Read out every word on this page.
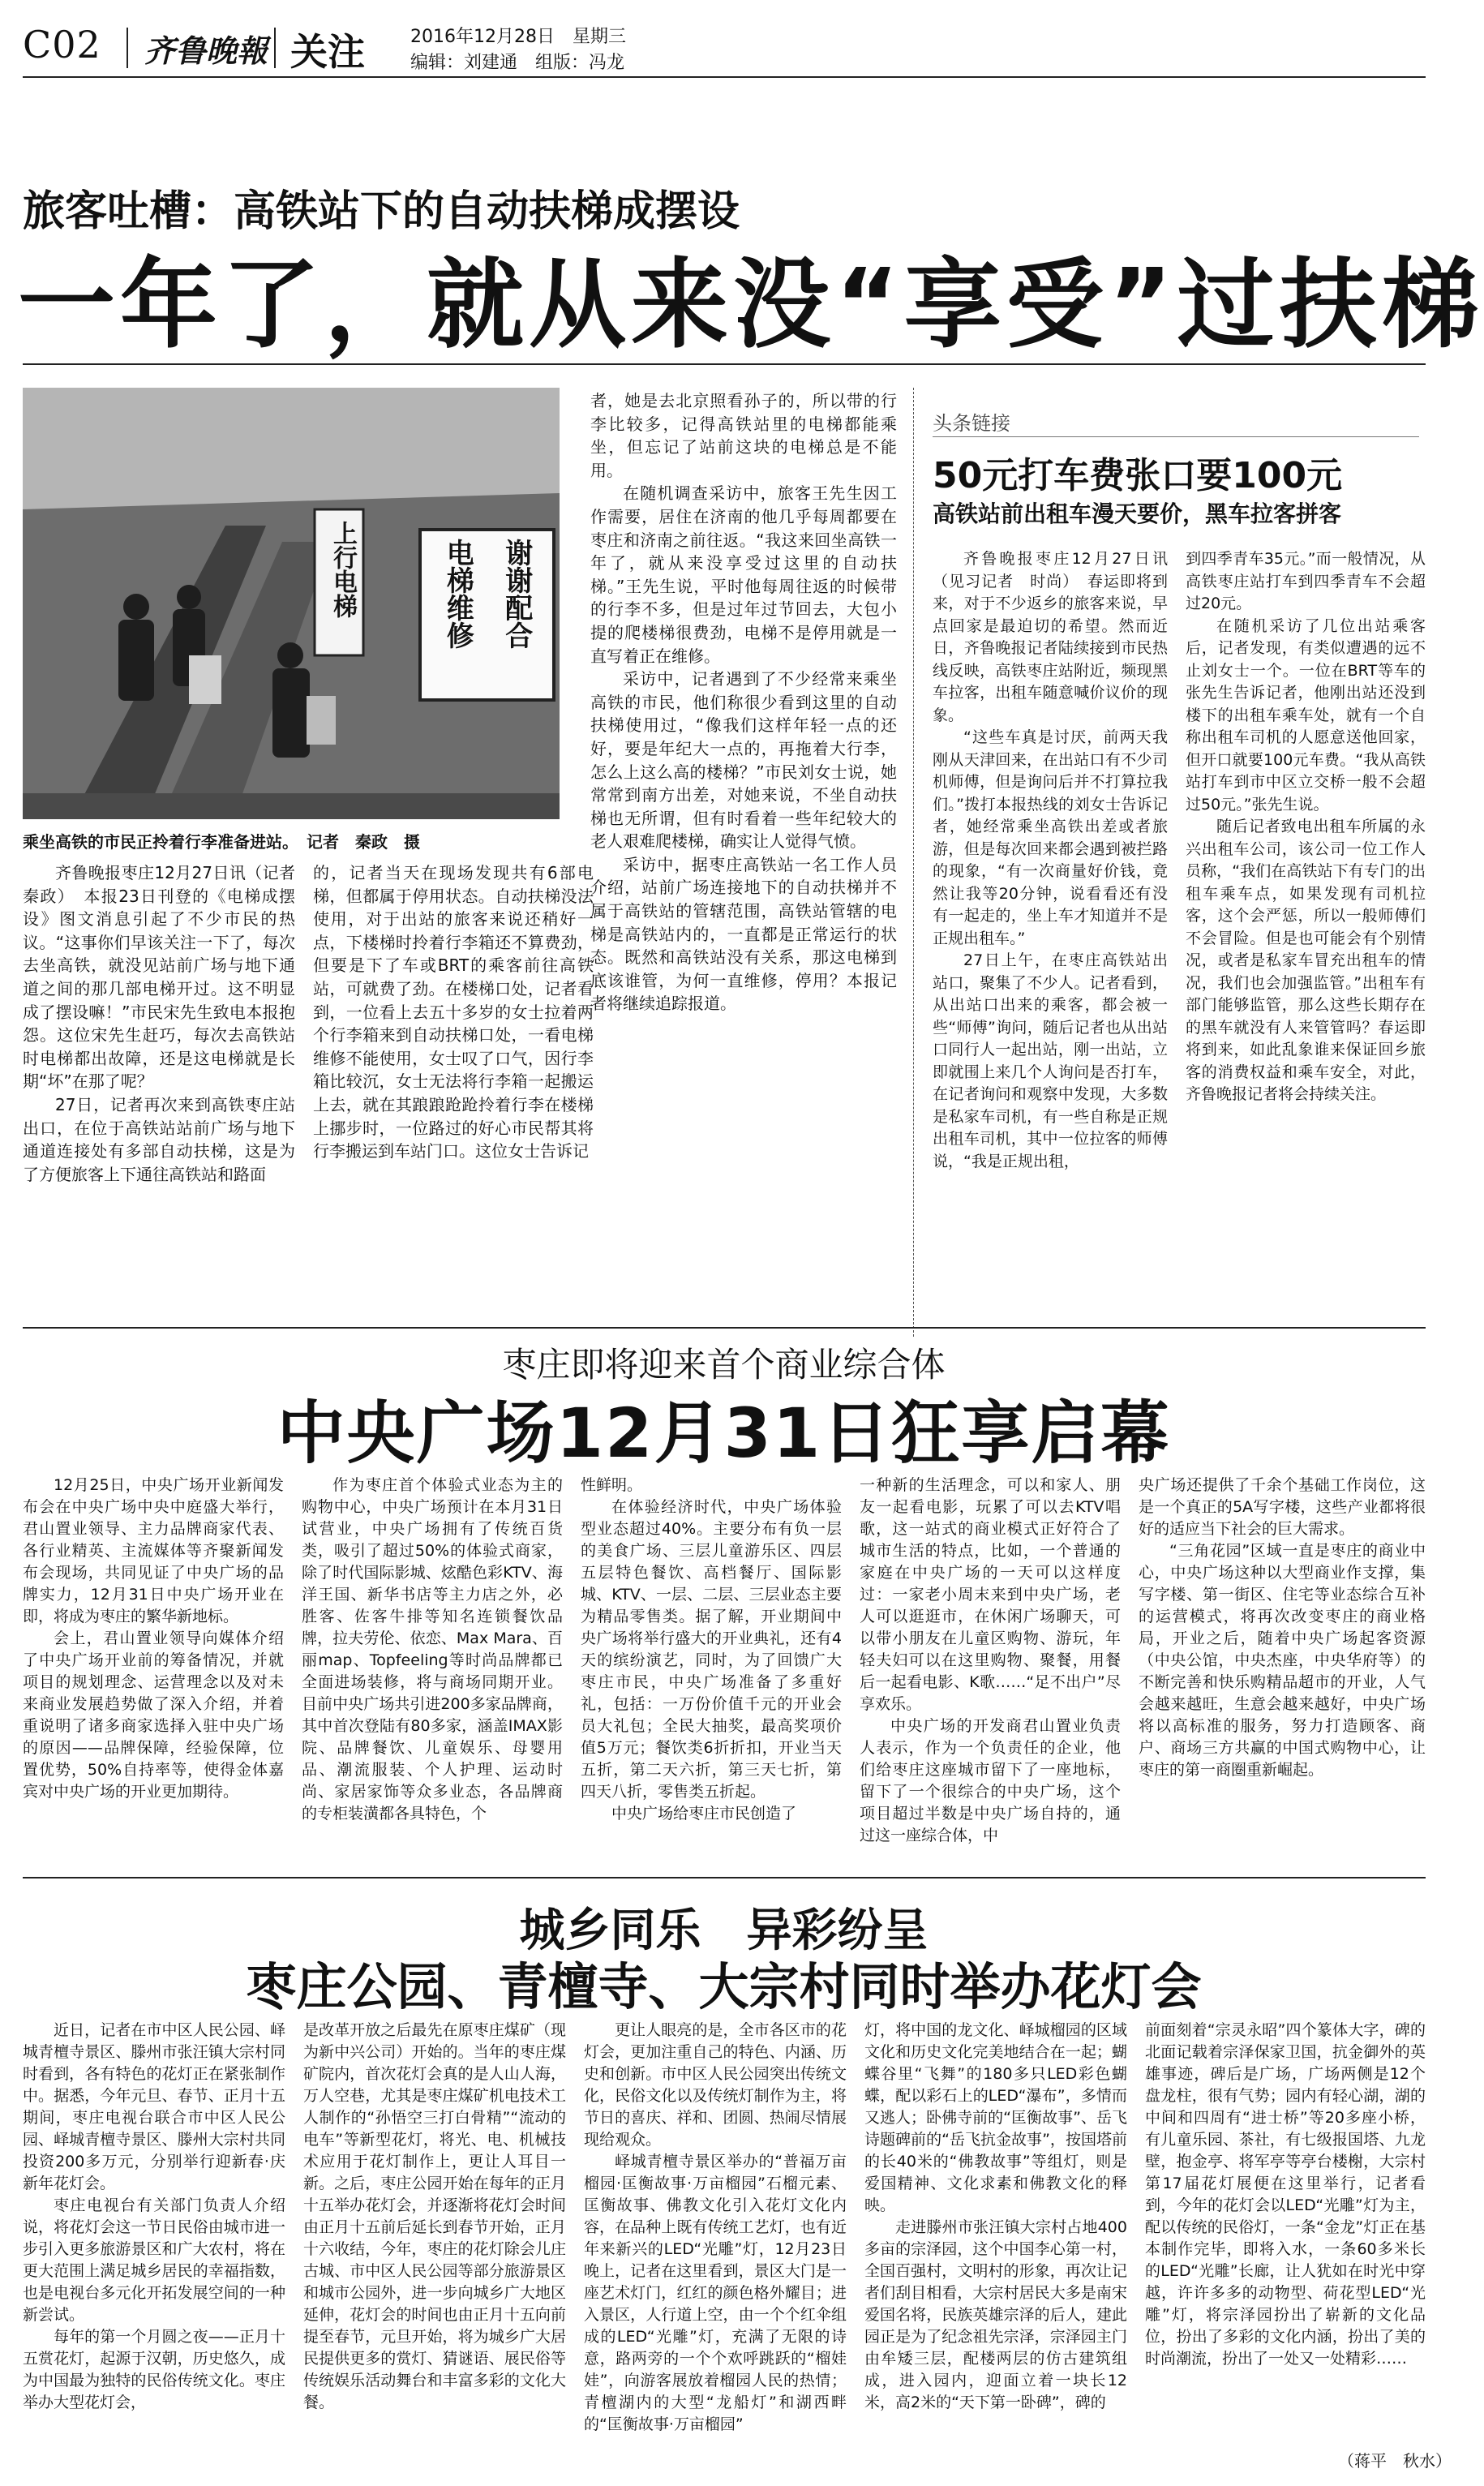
C02 齐鲁晚報 关注	2016年12月28日　星期三
编辑：刘建通　组版：冯龙
旅客吐槽：高铁站下的自动扶梯成摆设
一年了，就从来没“享受”过扶梯
上行电梯	谢谢配合
电梯维修
乘坐高铁的市民正拎着行李准备进站。　记者　秦政　摄

齐鲁晚报枣庄12月27日讯（记者　秦政）　本报23日刊登的《电梯成摆设》图文消息引起了不少市民的热议。“这事你们早该关注一下了，每次去坐高铁，就没见站前广场与地下通道之间的那几部电梯开过。这不明显成了摆设嘛！”市民宋先生致电本报抱怨。这位宋先生赶巧，每次去高铁站时电梯都出故障，还是这电梯就是长期“坏”在那了呢？

27日，记者再次来到高铁枣庄站出口，在位于高铁站站前广场与地下通道连接处有多部自动扶梯，这是为了方便旅客上下通往高铁站和路面

的，记者当天在现场发现共有6部电梯，但都属于停用状态。自动扶梯没法使用，对于出站的旅客来说还稍好一点，下楼梯时拎着行李箱还不算费劲，但要是下了车或BRT的乘客前往高铁站，可就费了劲。在楼梯口处，记者看到，一位看上去五十多岁的女士拉着两个行李箱来到自动扶梯口处，一看电梯维修不能使用，女士叹了口气，因行李箱比较沉，女士无法将行李箱一起搬运上去，就在其踉踉跄跄拎着行李在楼梯上挪步时，一位路过的好心市民帮其将行李搬运到车站门口。这位女士告诉记

者，她是去北京照看孙子的，所以带的行李比较多，记得高铁站里的电梯都能乘坐，但忘记了站前这块的电梯总是不能用。

在随机调查采访中，旅客王先生因工作需要，居住在济南的他几乎每周都要在枣庄和济南之前往返。“我这来回坐高铁一年了，就从来没享受过这里的自动扶梯。”王先生说，平时他每周往返的时候带的行李不多，但是过年过节回去，大包小提的爬楼梯很费劲，电梯不是停用就是一直写着正在维修。

采访中，记者遇到了不少经常来乘坐高铁的市民，他们称很少看到这里的自动扶梯使用过，“像我们这样年轻一点的还好，要是年纪大一点的，再拖着大行李，怎么上这么高的楼梯？”市民刘女士说，她常常到南方出差，对她来说，不坐自动扶梯也无所谓，但有时看着一些年纪较大的老人艰难爬楼梯，确实让人觉得气愤。

采访中，据枣庄高铁站一名工作人员介绍，站前广场连接地下的自动扶梯并不属于高铁站的管辖范围，高铁站管辖的电梯是高铁站内的，一直都是正常运行的状态。既然和高铁站没有关系，那这电梯到底该谁管，为何一直维修，停用？本报记者将继续追踪报道。

头条链接
50元打车费张口要100元
高铁站前出租车漫天要价，黑车拉客拼客

齐鲁晚报枣庄12月27日讯（见习记者　时尚）　春运即将到来，对于不少返乡的旅客来说，早点回家是最迫切的希望。然而近日，齐鲁晚报记者陆续接到市民热线反映，高铁枣庄站附近，频现黑车拉客，出租车随意喊价议价的现象。

“这些车真是讨厌，前两天我刚从天津回来，在出站口有不少司机师傅，但是询问后并不打算拉我们。”拨打本报热线的刘女士告诉记者，她经常乘坐高铁出差或者旅游，但是每次回来都会遇到被拦路的现象，“有一次商量好价钱，竟然让我等20分钟，说看看还有没有一起走的，坐上车才知道并不是正规出租车。”

27日上午，在枣庄高铁站出站口，聚集了不少人。记者看到，从出站口出来的乘客，都会被一些“师傅”询问，随后记者也从出站口同行人一起出站，刚一出站，立即就围上来几个人询问是否打车，在记者询问和观察中发现，大多数是私家车司机，有一些自称是正规出租车司机，其中一位拉客的师傅说，“我是正规出租，

到四季青车35元。”而一般情况，从高铁枣庄站打车到四季青车不会超过20元。

在随机采访了几位出站乘客后，记者发现，有类似遭遇的远不止刘女士一个。一位在BRT等车的张先生告诉记者，他刚出站还没到楼下的出租车乘车处，就有一个自称出租车司机的人愿意送他回家，但开口就要100元车费。“我从高铁站打车到市中区立交桥一般不会超过50元。”张先生说。

随后记者致电出租车所属的永兴出租车公司，该公司一位工作人员称，“我们在高铁站下有专门的出租车乘车点，如果发现有司机拉客，这个会严惩，所以一般师傅们不会冒险。但是也可能会有个别情况，或者是私家车冒充出租车的情况，我们也会加强监管。”出租车有部门能够监管，那么这些长期存在的黑车就没有人来管管吗？春运即将到来，如此乱象谁来保证回乡旅客的消费权益和乘车安全，对此，齐鲁晚报记者将会持续关注。

枣庄即将迎来首个商业综合体
中央广场12月31日狂享启幕

12月25日，中央广场开业新闻发布会在中央广场中央中庭盛大举行，君山置业领导、主力品牌商家代表、各行业精英、主流媒体等齐聚新闻发布会现场，共同见证了中央广场的品牌实力，12月31日中央广场开业在即，将成为枣庄的繁华新地标。

会上，君山置业领导向媒体介绍了中央广场开业前的筹备情况，并就项目的规划理念、运营理念以及对未来商业发展趋势做了深入介绍，并着重说明了诸多商家选择入驻中央广场的原因——品牌保障，经验保障，位置优势，50%自持率等，使得金体嘉宾对中央广场的开业更加期待。

作为枣庄首个体验式业态为主的购物中心，中央广场预计在本月31日试营业，中央广场拥有了传统百货类，吸引了超过50%的体验式商家，除了时代国际影城、炫酷色彩KTV、海洋王国、新华书店等主力店之外，必胜客、佐客牛排等知名连锁餐饮品牌，拉夫劳伦、依恋、Max Mara、百丽map、Topfeeling等时尚品牌都已全面进场装修，将与商场同期开业。目前中央广场共引进200多家品牌商，其中首次登陆有80多家，涵盖IMAX影院、品牌餐饮、儿童娱乐、母婴用品、潮流服装、个人护理、运动时尚、家居家饰等众多业态，各品牌商的专柜装潢都各具特色，个

性鲜明。

在体验经济时代，中央广场体验型业态超过40%。主要分布有负一层的美食广场、三层儿童游乐区、四层五层特色餐饮、高档餐厅、国际影城、KTV、一层、二层、三层业态主要为精品零售类。据了解，开业期间中央广场将举行盛大的开业典礼，还有4天的缤纷演艺，同时，为了回馈广大枣庄市民，中央广场准备了多重好礼，包括：一万份价值千元的开业会员大礼包；全民大抽奖，最高奖项价值5万元；餐饮类6折折扣，开业当天五折，第二天六折，第三天七折，第四天八折，零售类五折起。

中央广场给枣庄市民创造了

一种新的生活理念，可以和家人、朋友一起看电影，玩累了可以去KTV唱歌，这一站式的商业模式正好符合了城市生活的特点，比如，一个普通的家庭在中央广场的一天可以这样度过：一家老小周末来到中央广场，老人可以逛逛市，在休闲广场聊天，可以带小朋友在儿童区购物、游玩，年轻夫妇可以在这里购物、聚餐，用餐后一起看电影、K歌……“足不出户”尽享欢乐。

中央广场的开发商君山置业负责人表示，作为一个负责任的企业，他们给枣庄这座城市留下了一座地标，留下了一个很综合的中央广场，这个项目超过半数是中央广场自持的，通过这一座综合体，中

央广场还提供了千余个基础工作岗位，这是一个真正的5A写字楼，这些产业都将很好的适应当下社会的巨大需求。

“三角花园”区域一直是枣庄的商业中心，中央广场这种以大型商业作支撑，集写字楼、第一街区、住宅等业态综合互补的运营模式，将再次改变枣庄的商业格局，开业之后，随着中央广场起客资源（中央公馆，中央杰座，中央华府等）的不断完善和快乐购精品超市的开业，人气会越来越旺，生意会越来越好，中央广场将以高标准的服务，努力打造顾客、商户、商场三方共赢的中国式购物中心，让枣庄的第一商圈重新崛起。

城乡同乐　异彩纷呈
枣庄公园、青檀寺、大宗村同时举办花灯会

近日，记者在市中区人民公园、峄城青檀寺景区、滕州市张汪镇大宗村同时看到，各有特色的花灯正在紧张制作中。据悉，今年元旦、春节、正月十五期间，枣庄电视台联合市中区人民公园、峄城青檀寺景区、滕州大宗村共同投资200多万元，分别举行迎新春·庆新年花灯会。

枣庄电视台有关部门负责人介绍说，将花灯会这一节日民俗由城市进一步引入更多旅游景区和广大农村，将在更大范围上满足城乡居民的幸福指数，也是电视台多元化开拓发展空间的一种新尝试。

每年的第一个月圆之夜——正月十五赏花灯，起源于汉朝，历史悠久，成为中国最为独特的民俗传统文化。枣庄举办大型花灯会，

是改革开放之后最先在原枣庄煤矿（现为新中兴公司）开始的。当年的枣庄煤矿院内，首次花灯会真的是人山人海，万人空巷，尤其是枣庄煤矿机电技术工人制作的“孙悟空三打白骨精”“流动的电车”等新型花灯，将光、电、机械技术应用于花灯制作上，更让人耳目一新。之后，枣庄公园开始在每年的正月十五举办花灯会，并逐渐将花灯会时间由正月十五前后延长到春节开始，正月十六收结，今年，枣庄的花灯除会儿庄古城、市中区人民公园等部分旅游景区和城市公园外，进一步向城乡广大地区延伸，花灯会的时间也由正月十五向前提至春节，元旦开始，将为城乡广大居民提供更多的赏灯、猜谜语、展民俗等传统娱乐活动舞台和丰富多彩的文化大餐。

更让人眼亮的是，全市各区市的花灯会，更加注重自己的特色、内涵、历史和创新。市中区人民公园突出传统文化，民俗文化以及传统灯制作为主，将节日的喜庆、祥和、团圆、热闹尽情展现给观众。

峄城青檀寺景区举办的“普福万亩榴园·匡衡故事·万亩榴园”石榴元素、匡衡故事、佛教文化引入花灯文化内容，在品种上既有传统工艺灯，也有近年来新兴的LED“光雕”灯，12月23日晚上，记者在这里看到，景区大门是一座艺术灯门，红红的颜色格外耀目；进入景区，人行道上空，由一个个红伞组成的LED“光雕”灯，充满了无限的诗意，路两旁的一个个欢呼跳跃的“榴娃娃”，向游客展放着榴园人民的热情；青檀湖内的大型“龙船灯”和湖西畔的“匡衡故事·万亩榴园”

灯，将中国的龙文化、峄城榴园的区域文化和历史文化完美地结合在一起；蝴蝶谷里“飞舞”的180多只LED彩色蝴蝶，配以彩石上的LED“瀑布”，多情而又逃人；卧佛寺前的“匡衡故事”、岳飞诗题碑前的“岳飞抗金故事”，按国塔前的长40米的“佛教故事”等组灯，则是爱国精神、文化求素和佛教文化的释映。

走进滕州市张汪镇大宗村占地400多亩的宗泽园，这个中国李心第一村，全国百强村，文明村的形象，再次让记者们刮目相看，大宗村居民大多是南宋爱国名将，民族英雄宗泽的后人，建此园正是为了纪念祖先宗泽，宗泽园主门由牟矮三层，配楼两层的仿古建筑组成，进入园内，迎面立着一块长12米，高2米的“天下第一卧碑”，碑的

前面刻着“宗灵永昭”四个篆体大字，碑的北面记载着宗泽保家卫国，抗金御外的英雄事迹，碑后是广场，广场两侧是12个盘龙柱，很有气势；园内有轻心湖，湖的中间和四周有“进士桥”等20多座小桥，有儿童乐园、茶社，有七级报国塔、九龙壁，抱金亭、将军亭等亭台楼榭，大宗村第17届花灯展便在这里举行，记者看到，今年的花灯会以LED“光雕”灯为主，配以传统的民俗灯，一条“金龙”灯正在基本制作完毕，即将入水，一条60多米长的LED“光雕”长廊，让人犹如在时光中穿越，许许多多的动物型、荷花型LED“光雕”灯，将宗泽园扮出了崭新的文化品位，扮出了多彩的文化内涵，扮出了美的时尚潮流，扮出了一处又一处精彩……

（蒋平　秋水）
